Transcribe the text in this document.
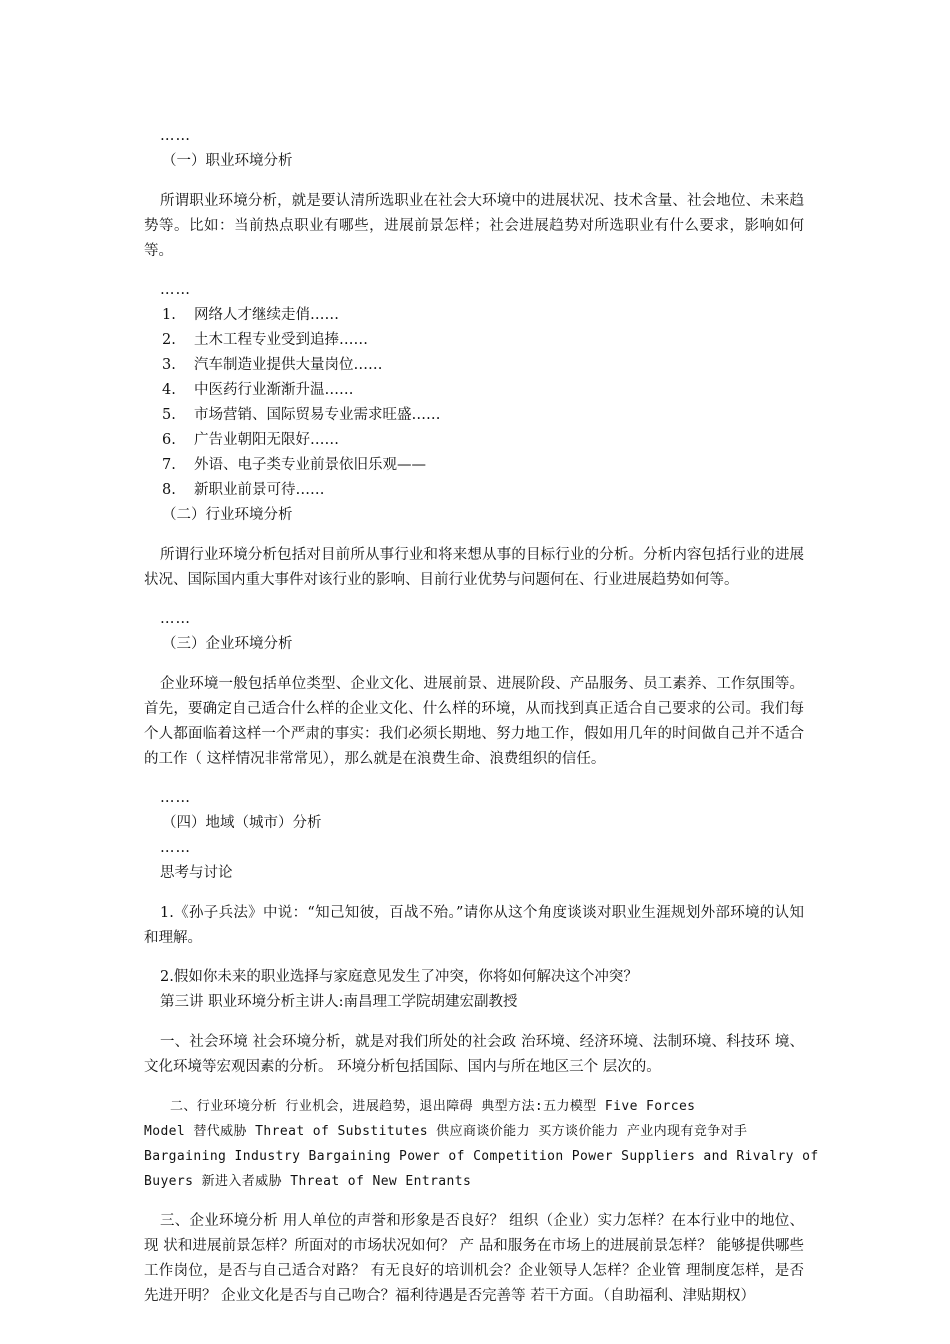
……
（一）职业环境分析

所谓职业环境分析，就是要认清所选职业在社会大环境中的进展状况、技术含量、社会地位、未来趋势等。比如：当前热点职业有哪些，进展前景怎样；社会进展趋势对所选职业有什么要求，影响如何等。

……
1. 网络人才继续走俏……
2. 土木工程专业受到追捧……
3. 汽车制造业提供大量岗位……
4. 中医药行业渐渐升温……
5. 市场营销、国际贸易专业需求旺盛……
6. 广告业朝阳无限好……
7. 外语、电子类专业前景依旧乐观——
8. 新职业前景可待……
（二）行业环境分析

所谓行业环境分析包括对目前所从事行业和将来想从事的目标行业的分析。分析内容包括行业的进展状况、国际国内重大事件对该行业的影响、目前行业优势与问题何在、行业进展趋势如何等。

……
（三）企业环境分析

企业环境一般包括单位类型、企业文化、进展前景、进展阶段、产品服务、员工素养、工作氛围等。首先，要确定自己适合什么样的企业文化、什么样的环境，从而找到真正适合自己要求的公司。我们每个人都面临着这样一个严肃的事实：我们必须长期地、努力地工作，假如用几年的时间做自己并不适合的工作（ 这样情况非常常见），那么就是在浪费生命、浪费组织的信任。

……
（四）地域（城市）分析
……
思考与讨论

1.《孙子兵法》中说：“知己知彼，百战不殆。”请你从这个角度谈谈对职业生涯规划外部环境的认知和理解。

2.假如你未来的职业选择与家庭意见发生了冲突，你将如何解决这个冲突？
第三讲 职业环境分析主讲人:南昌理工学院胡建宏副教授

一、社会环境 社会环境分析，就是对我们所处的社会政 治环境、经济环境、法制环境、科技环 境、文化环境等宏观因素的分析。 环境分析包括国际、国内与所在地区三个 层次的。

二、行业环境分析 行业机会，进展趋势，退出障碍 典型方法:五力模型 Five Forces
Model 替代威胁 Threat of Substitutes 供应商谈价能力 买方谈价能力 产业内现有竞争对手
Bargaining Industry Bargaining Power of Competition Power Suppliers and Rivalry of
Buyers 新进入者威胁 Threat of New Entrants

三、企业环境分析 用人单位的声誉和形象是否良好？ 组织（企业）实力怎样？在本行业中的地位、现 状和进展前景怎样？所面对的市场状况如何？ 产 品和服务在市场上的进展前景怎样？ 能够提供哪些工作岗位，是否与自己适合对路？ 有无良好的培训机会？企业领导人怎样？企业管 理制度怎样，是否先进开明？ 企业文化是否与自己吻合？福利待遇是否完善等 若干方面。（自助福利、津贴期权）
